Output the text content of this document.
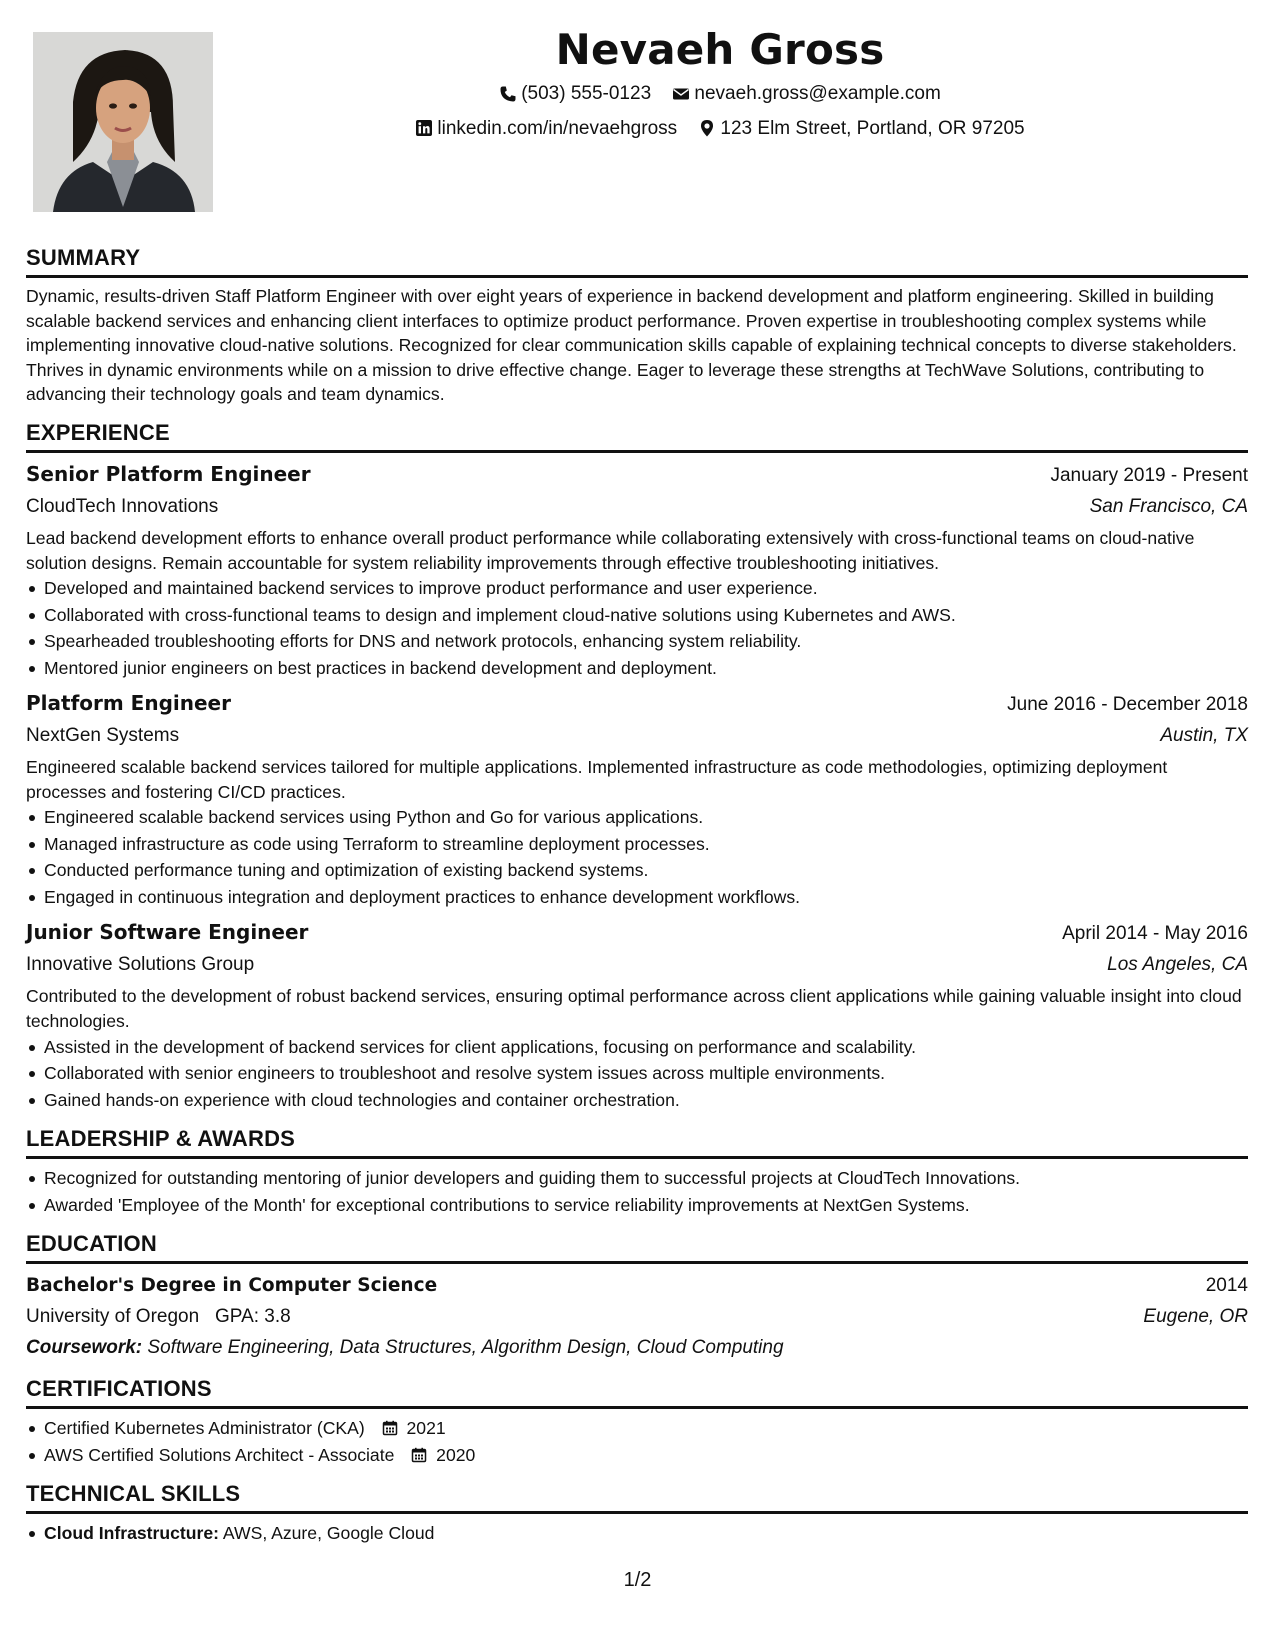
Nevaeh Gross
(503) 555-0123
nevaeh.gross@example.com
linkedin.com/in/nevaehgross
123 Elm Street, Portland, OR 97205
SUMMARY
Dynamic, results-driven Staff Platform Engineer with over eight years of experience in backend development and platform engineering. Skilled in building scalable backend services and enhancing client interfaces to optimize product performance. Proven expertise in troubleshooting complex systems while implementing innovative cloud-native solutions. Recognized for clear communication skills capable of explaining technical concepts to diverse stakeholders. Thrives in dynamic environments while on a mission to drive effective change. Eager to leverage these strengths at TechWave Solutions, contributing to advancing their technology goals and team dynamics.
EXPERIENCE
Senior Platform Engineer	January 2019 - Present
CloudTech Innovations	San Francisco, CA
Lead backend development efforts to enhance overall product performance while collaborating extensively with cross-functional teams on cloud-native solution designs. Remain accountable for system reliability improvements through effective troubleshooting initiatives.
Developed and maintained backend services to improve product performance and user experience.
Collaborated with cross-functional teams to design and implement cloud-native solutions using Kubernetes and AWS.
Spearheaded troubleshooting efforts for DNS and network protocols, enhancing system reliability.
Mentored junior engineers on best practices in backend development and deployment.
Platform Engineer	June 2016 - December 2018
NextGen Systems	Austin, TX
Engineered scalable backend services tailored for multiple applications. Implemented infrastructure as code methodologies, optimizing deployment processes and fostering CI/CD practices.
Engineered scalable backend services using Python and Go for various applications.
Managed infrastructure as code using Terraform to streamline deployment processes.
Conducted performance tuning and optimization of existing backend systems.
Engaged in continuous integration and deployment practices to enhance development workflows.
Junior Software Engineer	April 2014 - May 2016
Innovative Solutions Group	Los Angeles, CA
Contributed to the development of robust backend services, ensuring optimal performance across client applications while gaining valuable insight into cloud technologies.
Assisted in the development of backend services for client applications, focusing on performance and scalability.
Collaborated with senior engineers to troubleshoot and resolve system issues across multiple environments.
Gained hands-on experience with cloud technologies and container orchestration.
LEADERSHIP & AWARDS
Recognized for outstanding mentoring of junior developers and guiding them to successful projects at CloudTech Innovations.
Awarded 'Employee of the Month' for exceptional contributions to service reliability improvements at NextGen Systems.
EDUCATION
Bachelor's Degree in Computer Science	2014
University of Oregon GPA: 3.8	Eugene, OR
Coursework: Software Engineering, Data Structures, Algorithm Design, Cloud Computing
CERTIFICATIONS
Certified Kubernetes Administrator (CKA) 2021
AWS Certified Solutions Architect - Associate 2020
TECHNICAL SKILLS
Cloud Infrastructure: AWS, Azure, Google Cloud
1/2
